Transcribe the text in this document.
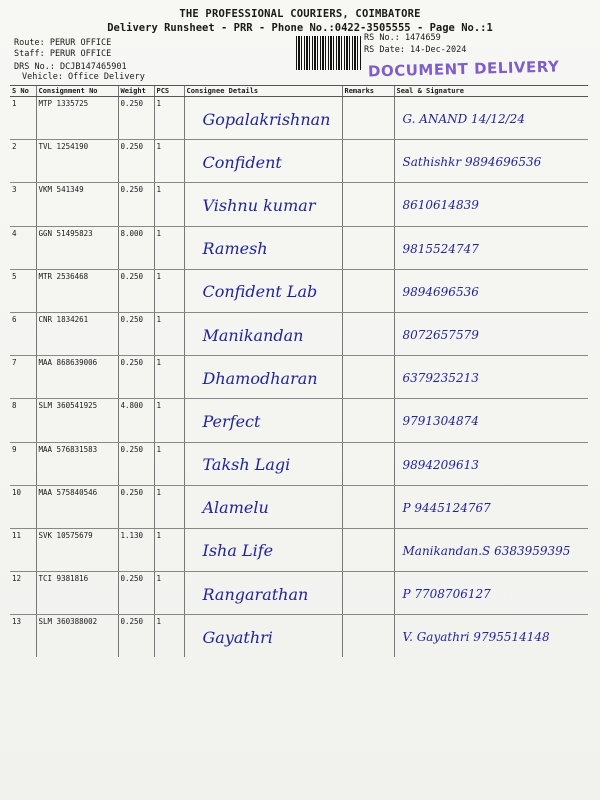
THE PROFESSIONAL COURIERS, COIMBATORE
Delivery Runsheet - PRR - Phone No.:0422-3505555 - Page No.:1
Route: PERUR OFFICE
Staff: PERUR OFFICE
DRS No.: DCJB147465901
Vehicle: Office Delivery
RS No.: 1474659
RS Date: 14-Dec-2024
DOCUMENT DELIVERY
S No	Consignment No	Weight	PCS	Consignee Details	Remarks	Seal & Signature
1	MTP 1335725	0.250	1	Gopalakrishnan		G. ANAND 14/12/24
2	TVL 1254190	0.250	1	Confident		Sathishkr 9894696536
3	VKM 541349	0.250	1	Vishnu kumar		8610614839
4	GGN 51495823	8.000	1	Ramesh		9815524747
5	MTR 2536468	0.250	1	Confident Lab		9894696536
6	CNR 1834261	0.250	1	Manikandan		8072657579
7	MAA 868639006	0.250	1	Dhamodharan		6379235213
8	SLM 360541925	4.800	1	Perfect		9791304874
9	MAA 576831583	0.250	1	Taksh Lagi		9894209613
10	MAA 575840546	0.250	1	Alamelu		P 9445124767
11	SVK 10575679	1.130	1	Isha Life		Manikandan.S 6383959395
12	TCI 9381816	0.250	1	Rangarathan		P 7708706127
13	SLM 360388002	0.250	1	Gayathri		V. Gayathri 9795514148
